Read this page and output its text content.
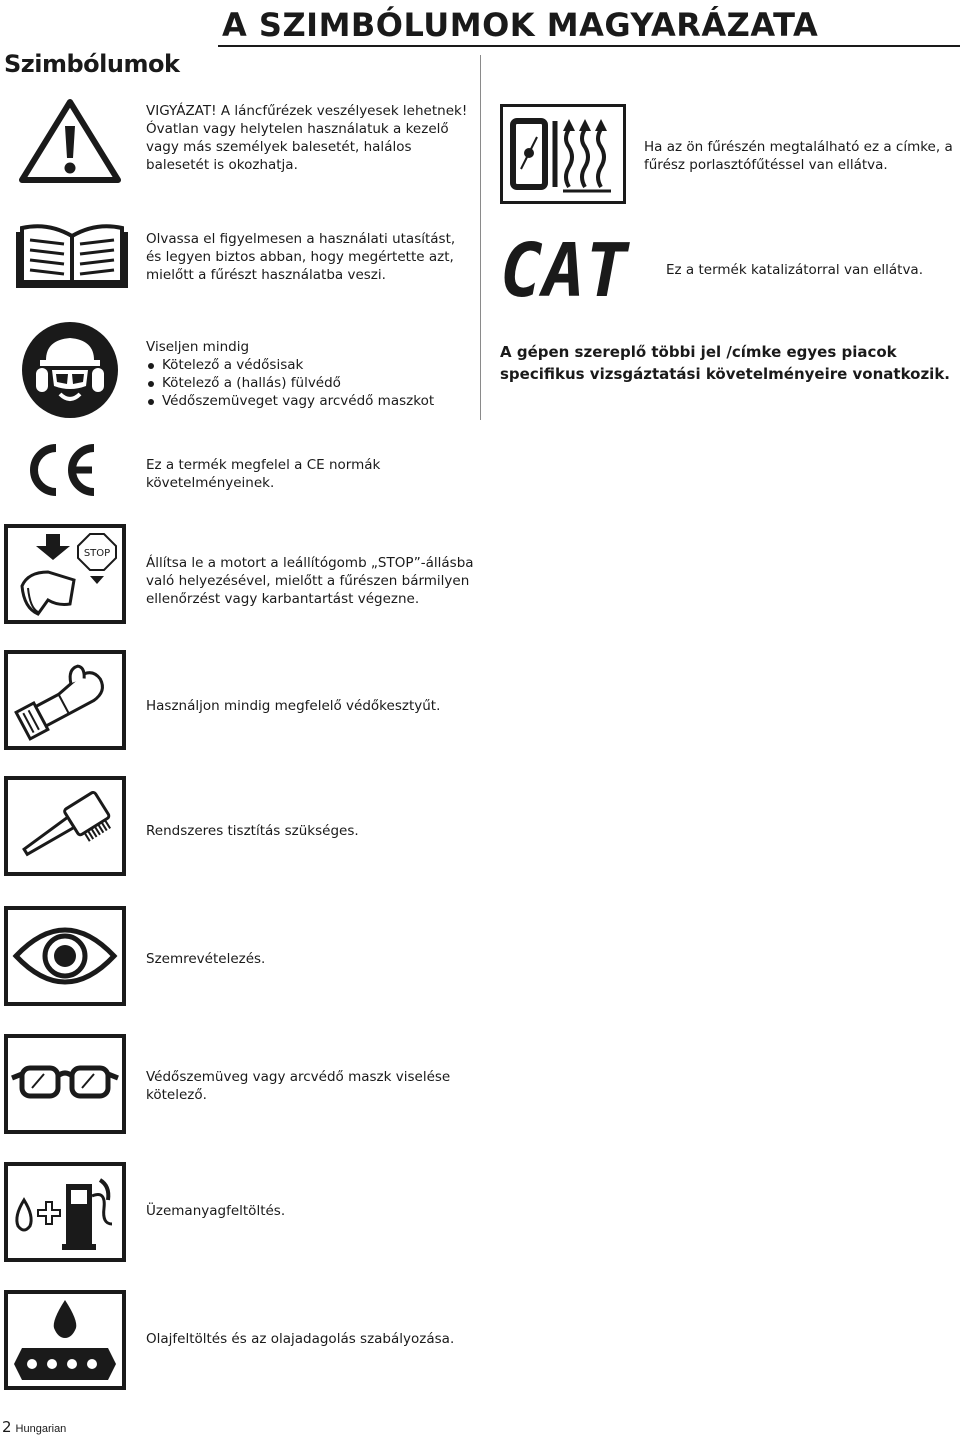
Szimbólumok
A SZIMBÓLUMOK MAGYARÁZATA

VIGYÁZAT! A láncfűrézek veszélyesek lehetnek!

Óvatlan vagy helytelen használatuk a kezelő

vagy más személyek balesetét, halálos

balesetét is okozhatja.

Olvassa el figyelmesen a használati utasítást,

és legyen biztos abban, hogy megértette azt,

mielőtt a fűrészt használatba veszi.

Viseljen mindig

Kötelező a védősisak
Kötelező a (hallás) fülvédő
Védőszemüveget vagy arcvédő maszkot

Ez a termék megfelel a CE normák

követelményeinek.

STOP

Állítsa le a motort a leállítógomb „STOP”-állásba

való helyezésével, mielőtt a fűrészen bármilyen

ellenőrzést vagy karbantartást végezne.

Használjon mindig megfelelő védőkesztyűt.
Rendszeres tisztítás szükséges.
Szemrevételezés.

Védőszemüveg vagy arcvédő maszk viselése

kötelező.

Üzemanyagfeltöltés.
Olajfeltöltés és az olajadagolás szabályozása.

Ha az ön fűrészén megtalálható ez a címke, a

fűrész porlasztófűtéssel van ellátva.

CAT	Ez a termék katalizátorral van ellátva.

A gépen szereplő többi jel /címke egyes piacok

specifikus vizsgáztatási követelményeire vonatkozik.

2 Hungarian
